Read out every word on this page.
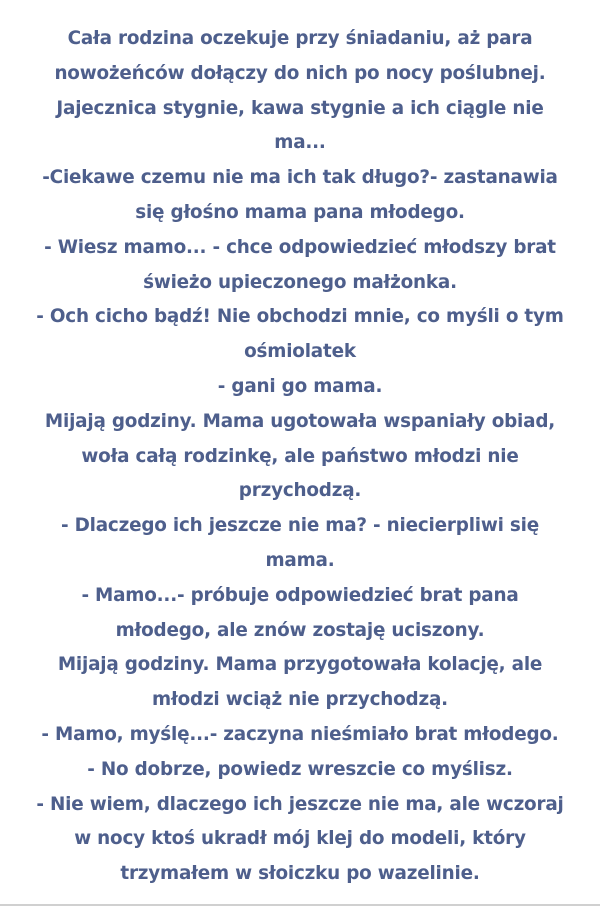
Cała rodzina oczekuje przy śniadaniu, aż para
nowożeńców dołączy do nich po nocy poślubnej.
Jajecznica stygnie, kawa stygnie a ich ciągle nie
ma...
-Ciekawe czemu nie ma ich tak długo?- zastanawia
się głośno mama pana młodego.
- Wiesz mamo... - chce odpowiedzieć młodszy brat
świeżo upieczonego małżonka.
- Och cicho bądź! Nie obchodzi mnie, co myśli o tym
ośmiolatek
- gani go mama.
Mijają godziny. Mama ugotowała wspaniały obiad,
woła całą rodzinkę, ale państwo młodzi nie
przychodzą.
- Dlaczego ich jeszcze nie ma? - niecierpliwi się
mama.
- Mamo...- próbuje odpowiedzieć brat pana
młodego, ale znów zostaję uciszony.
Mijają godziny. Mama przygotowała kolację, ale
młodzi wciąż nie przychodzą.
- Mamo, myślę...- zaczyna nieśmiało brat młodego.
- No dobrze, powiedz wreszcie co myślisz.
- Nie wiem, dlaczego ich jeszcze nie ma, ale wczoraj
w nocy ktoś ukradł mój klej do modeli, który
trzymałem w słoiczku po wazelinie.
